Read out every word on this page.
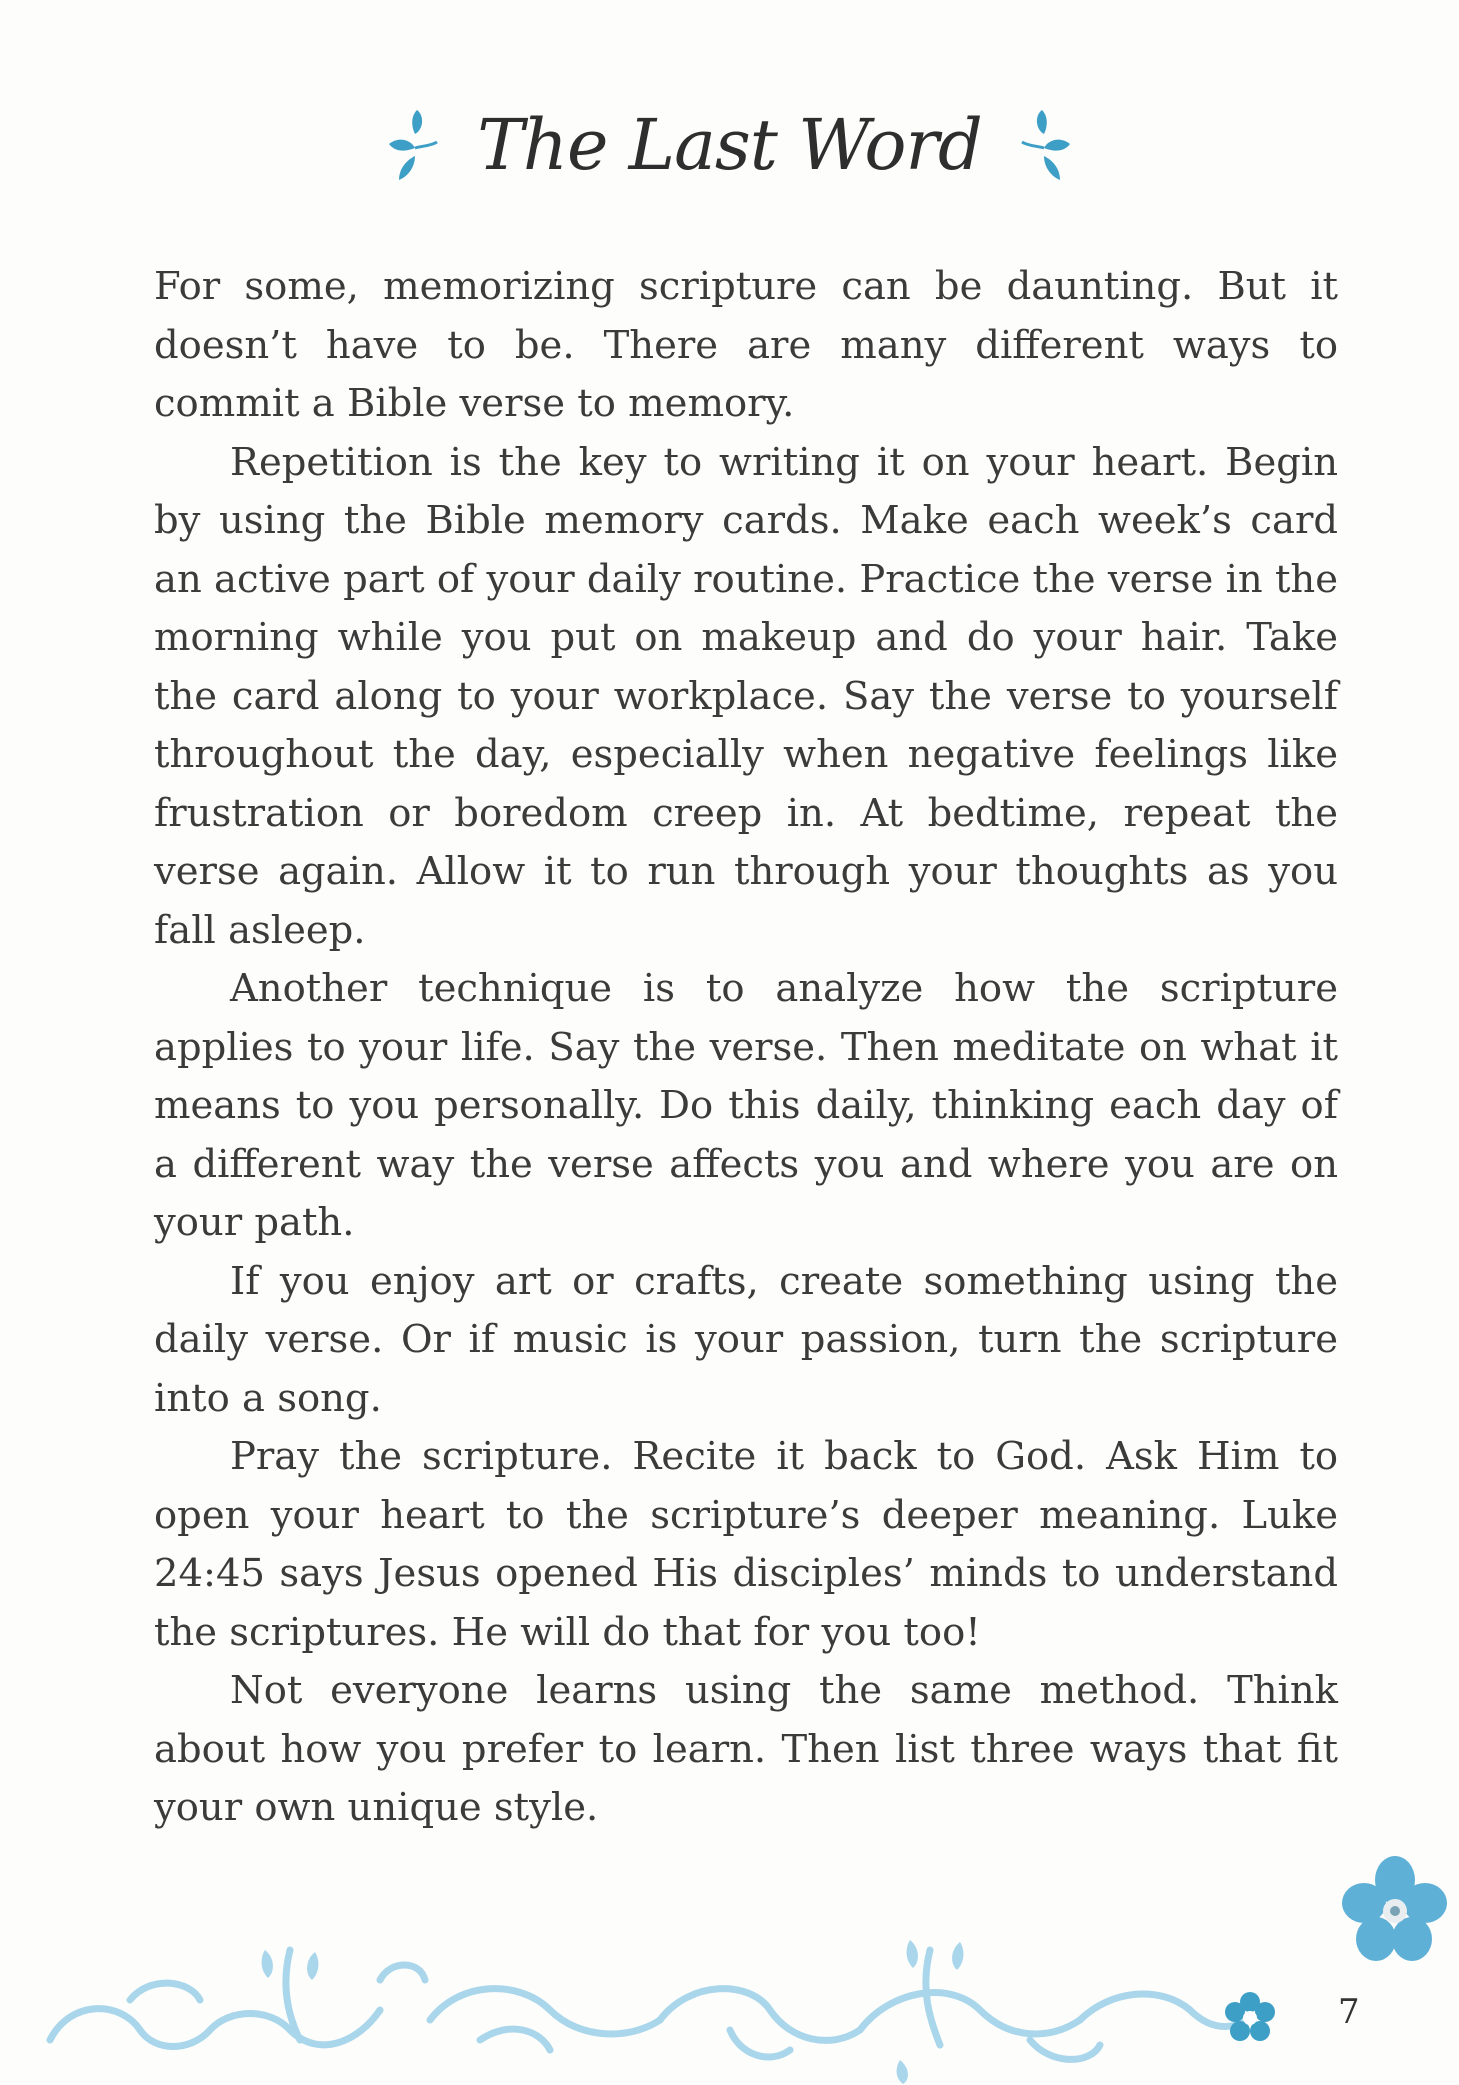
The Last Word

For some, memorizing scripture can be daunting. But it doesn’t have to be. There are many different ways to commit a Bible verse to memory.

Repetition is the key to writing it on your heart. Begin by using the Bible memory cards. Make each week’s card an active part of your daily routine. Practice the verse in the morning while you put on makeup and do your hair. Take the card along to your workplace. Say the verse to yourself throughout the day, especially when negative feelings like frustration or boredom creep in. At bedtime, repeat the verse again. Allow it to run through your thoughts as you fall asleep.

Another technique is to analyze how the scripture applies to your life. Say the verse. Then meditate on what it means to you personally. Do this daily, thinking each day of a different way the verse affects you and where you are on your path.

If you enjoy art or crafts, create something using the daily verse. Or if music is your passion, turn the scripture into a song.

Pray the scripture. Recite it back to God. Ask Him to open your heart to the scripture’s deeper meaning. Luke 24:45 says Jesus opened His disciples’ minds to understand the scriptures. He will do that for you too!

Not everyone learns using the same method. Think about how you prefer to learn. Then list three ways that fit your own unique style.

7
